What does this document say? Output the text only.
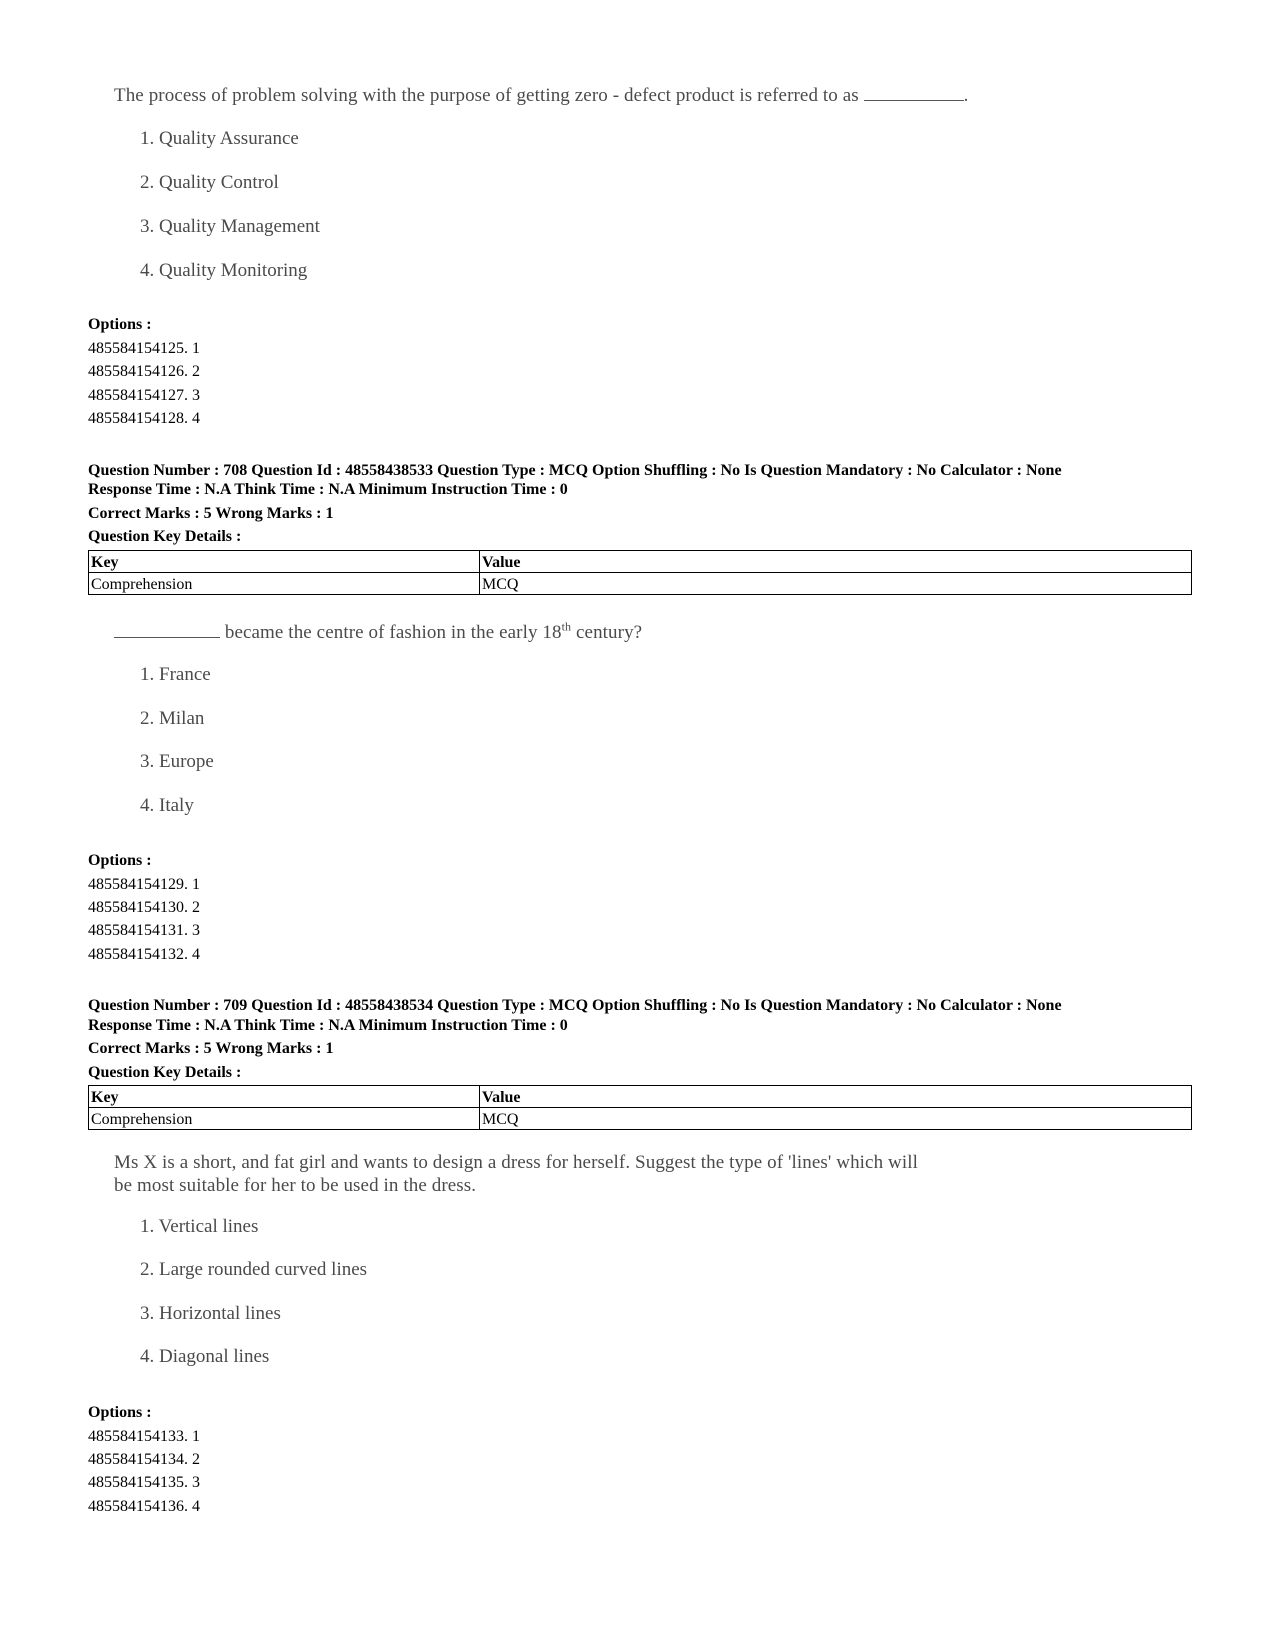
The process of problem solving with the purpose of getting zero - defect product is referred to as	.
1. Quality Assurance
2. Quality Control
3. Quality Management
4. Quality Monitoring
Options :
485584154125. 1
485584154126. 2
485584154127. 3
485584154128. 4
Question Number : 708 Question Id : 48558438533 Question Type : MCQ Option Shuffling : No Is Question Mandatory : No Calculator : None
Response Time : N.A Think Time : N.A Minimum Instruction Time : 0
Correct Marks : 5 Wrong Marks : 1
Question Key Details :
Key	Value
Comprehension	MCQ
became the centre of fashion in the early 18th century?
1. France
2. Milan
3. Europe
4. Italy
Options :
485584154129. 1
485584154130. 2
485584154131. 3
485584154132. 4
Question Number : 709 Question Id : 48558438534 Question Type : MCQ Option Shuffling : No Is Question Mandatory : No Calculator : None
Response Time : N.A Think Time : N.A Minimum Instruction Time : 0
Correct Marks : 5 Wrong Marks : 1
Question Key Details :
Key	Value
Comprehension	MCQ
Ms X is a short, and fat girl and wants to design a dress for herself. Suggest the type of 'lines' which will
be most suitable for her to be used in the dress.
1. Vertical lines
2. Large rounded curved lines
3. Horizontal lines
4. Diagonal lines
Options :
485584154133. 1
485584154134. 2
485584154135. 3
485584154136. 4
